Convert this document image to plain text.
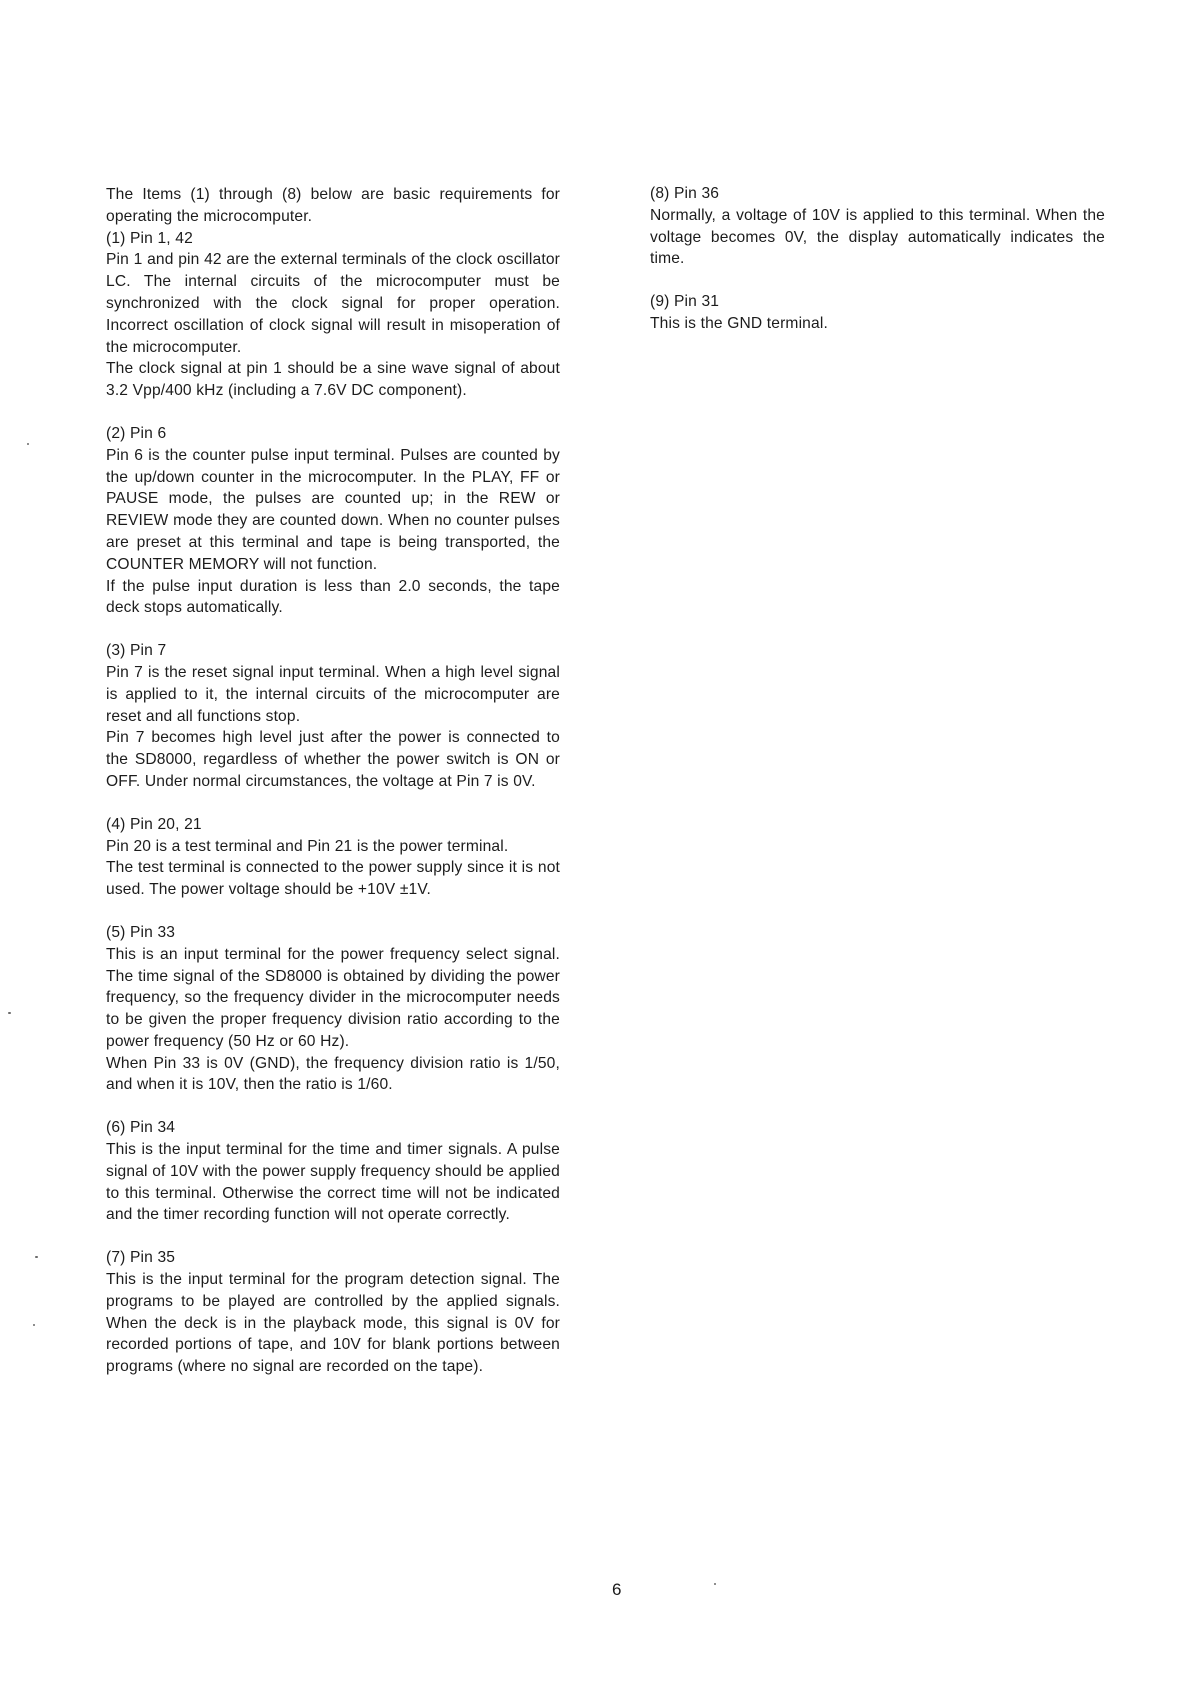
The Items (1) through (8) below are basic requirements for operating the microcomputer.
(1) Pin 1, 42
Pin 1 and pin 42 are the external terminals of the clock oscillator LC. The internal circuits of the microcomputer must be synchronized with the clock signal for proper operation. Incorrect oscillation of clock signal will result in misoperation of the microcomputer.
The clock signal at pin 1 should be a sine wave signal of about 3.2 Vpp/400 kHz (including a 7.6V DC component).
(2) Pin 6
Pin 6 is the counter pulse input terminal. Pulses are counted by the up/down counter in the microcomputer. In the PLAY, FF or PAUSE mode, the pulses are counted up; in the REW or REVIEW mode they are counted down. When no counter pulses are preset at this terminal and tape is being transported, the COUNTER MEMORY will not function.
If the pulse input duration is less than 2.0 seconds, the tape deck stops automatically.
(3) Pin 7
Pin 7 is the reset signal input terminal. When a high level signal is applied to it, the internal circuits of the microcomputer are reset and all functions stop.
Pin 7 becomes high level just after the power is connected to the SD8000, regardless of whether the power switch is ON or OFF. Under normal circumstances, the voltage at Pin 7 is 0V.
(4) Pin 20, 21
Pin 20 is a test terminal and Pin 21 is the power terminal.
The test terminal is connected to the power supply since it is not used. The power voltage should be +10V ±1V.
(5) Pin 33
This is an input terminal for the power frequency select signal. The time signal of the SD8000 is obtained by dividing the power frequency, so the frequency divider in the microcomputer needs to be given the proper frequency division ratio according to the power frequency (50 Hz or 60 Hz).
When Pin 33 is 0V (GND), the frequency division ratio is 1/50, and when it is 10V, then the ratio is 1/60.
(6) Pin 34
This is the input terminal for the time and timer signals. A pulse signal of 10V with the power supply frequency should be applied to this terminal. Otherwise the correct time will not be indicated and the timer recording function will not operate correctly.
(7) Pin 35
This is the input terminal for the program detection signal. The programs to be played are controlled by the applied signals. When the deck is in the playback mode, this signal is 0V for recorded portions of tape, and 10V for blank portions between programs (where no signal are recorded on the tape).
(8) Pin 36
Normally, a voltage of 10V is applied to this terminal. When the voltage becomes 0V, the display automatically indicates the time.
(9) Pin 31
This is the GND terminal.
6
